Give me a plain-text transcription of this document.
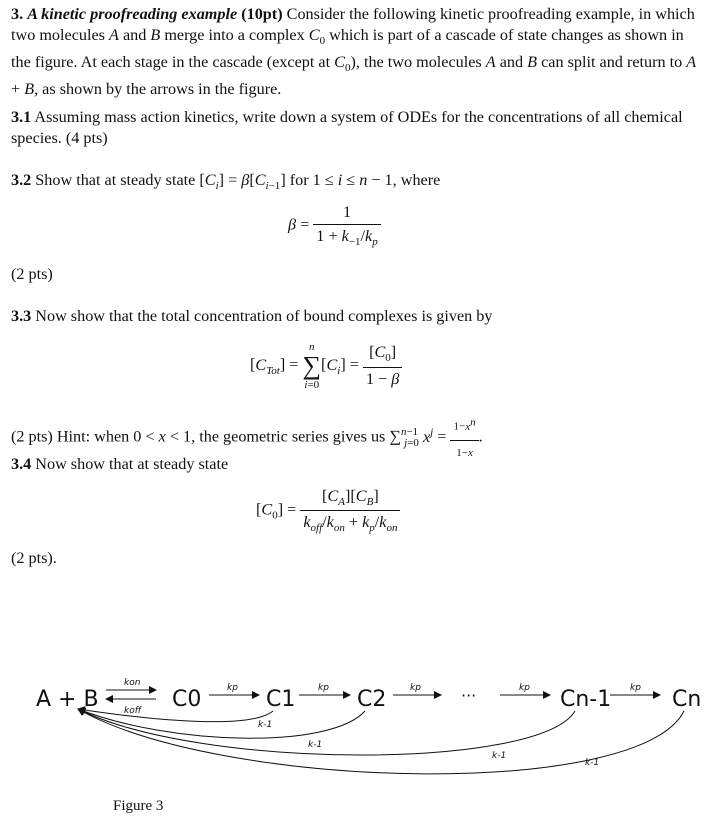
3. A kinetic proofreading example (10pt) Consider the following kinetic proofreading example, in which two molecules A and B merge into a complex $C_0$ which is part of a cascade of state changes as shown in the figure. At each stage in the cascade (except at $C_0$), the two molecules A and B can split and return to A + B, as shown by the arrows in the figure.
3.1 Assuming mass action kinetics, write down a system of ODEs for the concentrations of all chemical species. (4 pts)
3.2 Show that at steady state $[C_i] = \beta[C_{i-1}]$ for 1 ≤ i ≤ n − 1, where
$\beta = \frac{1}{1 + k_{-1}/k_p}$
(2 pts)
3.3 Now show that the total concentration of bound complexes is given by
$[C_{Tot}]$ =
n
∑
i=0
$[C_i] = \frac{[C_0]}{1 - \beta}$
(2 pts) Hint: when 0 < x < 1, the geometric series gives us ∑$^{n-1}_{j=0}$ $x^j = \frac{1-x^n}{1-x}$ .
3.4 Now show that at steady state
$[C_0] = \frac{[C_A][C_B]}{k_{off}/k_{on} + k_p/k_{on}}$
(2 pts).
A + B
kon
koff C0	C1	C2	···	Cn-1	Cn
kp	kp	kp	kp	kp
k-1
k-1
k-1
k-1
Figure 3
